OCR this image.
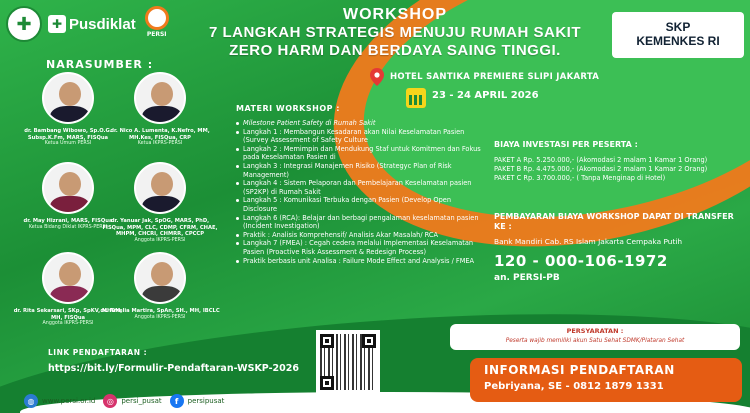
✚	✚ Pusdiklat
PERSI
WORKSHOP
7 LANGKAH STRATEGIS MENUJU RUMAH SAKIT
ZERO HARM DAN BERDAYA SAING TINGGI.
SKP
KEMENKES RI
HOTEL SANTIKA PREMIERE SLIPI JAKARTA
23 - 24 APRIL 2026
NARASUMBER :
dr. Bambang Wibowo, Sp.O.G. Subsp.K.Fm, MARS, FISQua
Ketua Umum PERSI
dr. Nico A. Lumenta, K.Nefro, MM, MH.Kes, FISQua, CRP
Ketua IKPRS-PERSI
dr. May Hizrani, MARS, FISQua
Ketua Bidang Diklat IKPRS-PERSI
dr. Yanuar Jak, SpOG, MARS, PhD, FISQua, MPM, CLC, CDMP, CFRM, CHAE, MHPM, CHCRI, CHMRR, CPCCP
Anggota IKPRS-PERSI
dr. Rita Sekarsari, SKp, SpKV, MHSM, MH, FISQua
Anggota IKPRS-PERSI
dr. Amelia Martira, SpAn, SH., MH, IBCLC
Anggota IKPRS-PERSI
MATERI WORKSHOP :
Milestone Patient Safety di Rumah Sakit
Langkah 1 : Membangun Kesadaran akan Nilai Keselamatan Pasien (Survey Assessment of Safety Culture
Langkah 2 : Memimpin dan Mendukung Staf untuk Komitmen dan Fokus pada Keselamatan Pasien di
Langkah 3 : Integrasi Manajemen Risiko (Strategyc Plan of Risk Management)
Langkah 4 : Sistem Pelaporan dan Pembelajaran Keselamatan pasien (SP2KP) di Rumah Sakit
Langkah 5 : Komunikasi Terbuka dengan Pasien (Develop Open Disclosure
Langkah 6 (RCA): Belajar dan berbagi pengalaman keselamatan pasien (Incident Investigation)
Praktik : Analisis Komprehensif/ Analisis Akar Masalah/ RCA
Langkah 7 (FMEA) : Cegah cedera melalui Implementasi Keselamatan Pasien (Proactive Risk Assessment & Redesign Process)
Praktik berbasis unit Analisa : Failure Mode Effect and Analysis / FMEA
BIAYA INVESTASI PER PESERTA :
PAKET A Rp. 5.250.000,- (Akomodasi 2 malam 1 Kamar 1 Orang)
PAKET B Rp. 4.475.000,- (Akomodasi 2 malam 1 Kamar 2 Orang)
PAKET C Rp. 3.700.000,- ( Tanpa Menginap di Hotel)
PEMBAYARAN BIAYA WORKSHOP DAPAT DI TRANSFER KE :
Bank Mandiri Cab. RS Islam Jakarta Cempaka Putih
120 - 000-106-1972
an. PERSI-PB
LINK PENDAFTARAN :
https://bit.ly/Formulir-Pendaftaran-WSKP-2026
PERSYARATAN :
Peserta wajib memiliki akun Satu Sehat SDMK/Plataran Sehat
INFORMASI PENDAFTARAN
Pebriyana, SE - 0812 1879 1331
◍	www.persi.or.id	◎	persi_pusat	f	persipusat
